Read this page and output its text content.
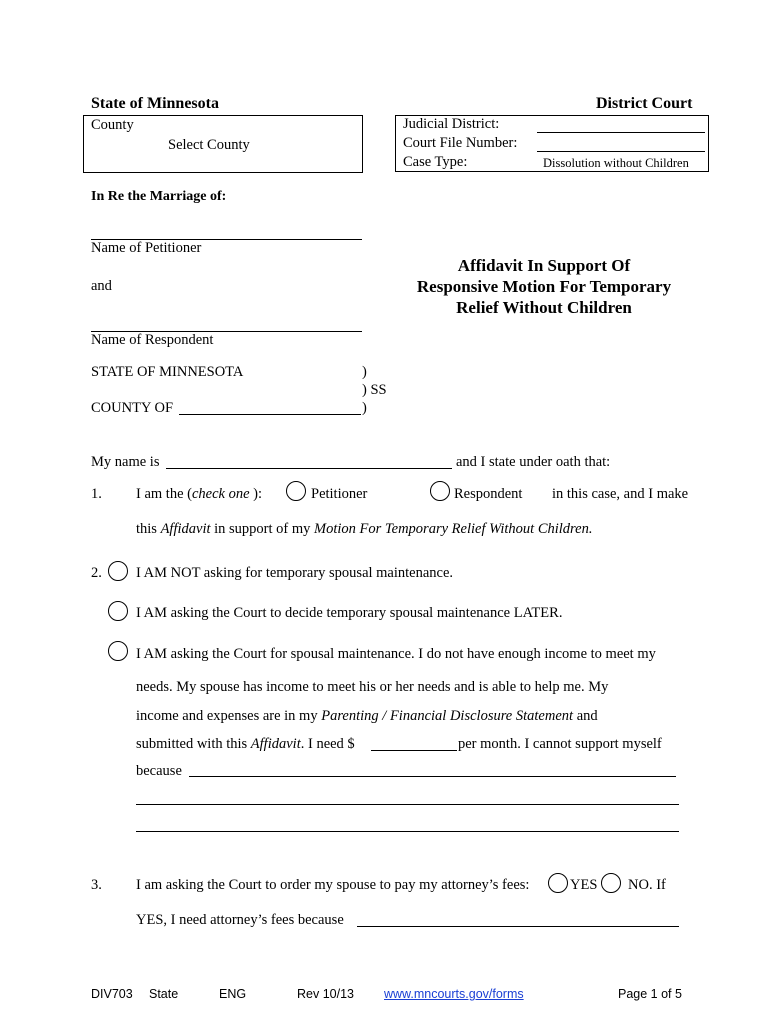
State of Minnesota	District Court
County
Select County
Judicial District:
Court File Number:
Case Type:	Dissolution without Children
In Re the Marriage of:
Name of Petitioner
and
Name of Respondent
Affidavit In Support Of
Responsive Motion For Temporary
Relief Without Children
STATE OF MINNESOTA	)
) SS
COUNTY OF	)
My name is	and I state under oath that:
1. I am the (check one ):	Petitioner	Respondent in this case, and I make
this Affidavit in support of my Motion For Temporary Relief Without Children.
2. I AM NOT asking for temporary spousal maintenance.
I AM asking the Court to decide temporary spousal maintenance LATER.
I AM asking the Court for spousal maintenance. I do not have enough income to meet my
needs. My spouse has income to meet his or her needs and is able to help me. My
income and expenses are in my Parenting / Financial Disclosure Statement and
submitted with this Affidavit. I need $	per month. I cannot support myself
because
3. I am asking the Court to order my spouse to pay my attorney’s fees:	YES NO. If
YES, I need attorney’s fees because
DIV703 State	ENG	Rev 10/13 www.mncourts.gov/forms	Page 1 of 5
